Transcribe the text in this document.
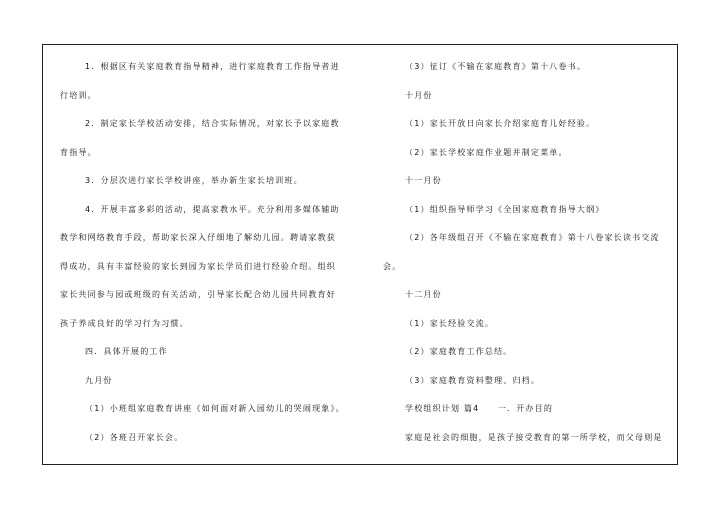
1．根据区有关家庭教育指导精神，进行家庭教育工作指导者进
行培训。
2．制定家长学校活动安排，结合实际情况，对家长予以家庭教
育指导。
3．分层次进行家长学校讲座，举办新生家长培训班。
4．开展丰富多彩的活动，提高家教水平。充分利用多媒体辅助
教学和网络教育手段，帮助家长深入仔细地了解幼儿园。聘请家教获
得成功，具有丰富经验的家长到园为家长学员们进行经验介绍。组织
家长共同参与园或班级的有关活动，引导家长配合幼儿园共同教育好
孩子养成良好的学习行为习惯。
四．具体开展的工作
九月份
（1）小班组家庭教育讲座《如何面对新入园幼儿的哭闹现象》。
（2）各班召开家长会。
（3）征订《不输在家庭教育》第十八卷书。
十月份
（1）家长开放日向家长介绍家庭育儿好经验。
（2）家长学校家庭作业题并制定菜单。
十一月份
（1）组织指导师学习《全国家庭教育指导大纲》
（2）各年级组召开《不输在家庭教育》第十八卷家长读书交流
会。
十二月份
（1）家长经验交流。
（2）家庭教育工作总结。
（3）家庭教育资料整理、归档。
学校组织计划 篇4　　一．开办目的
家庭是社会的细胞，是孩子接受教育的第一所学校，而父母则是
